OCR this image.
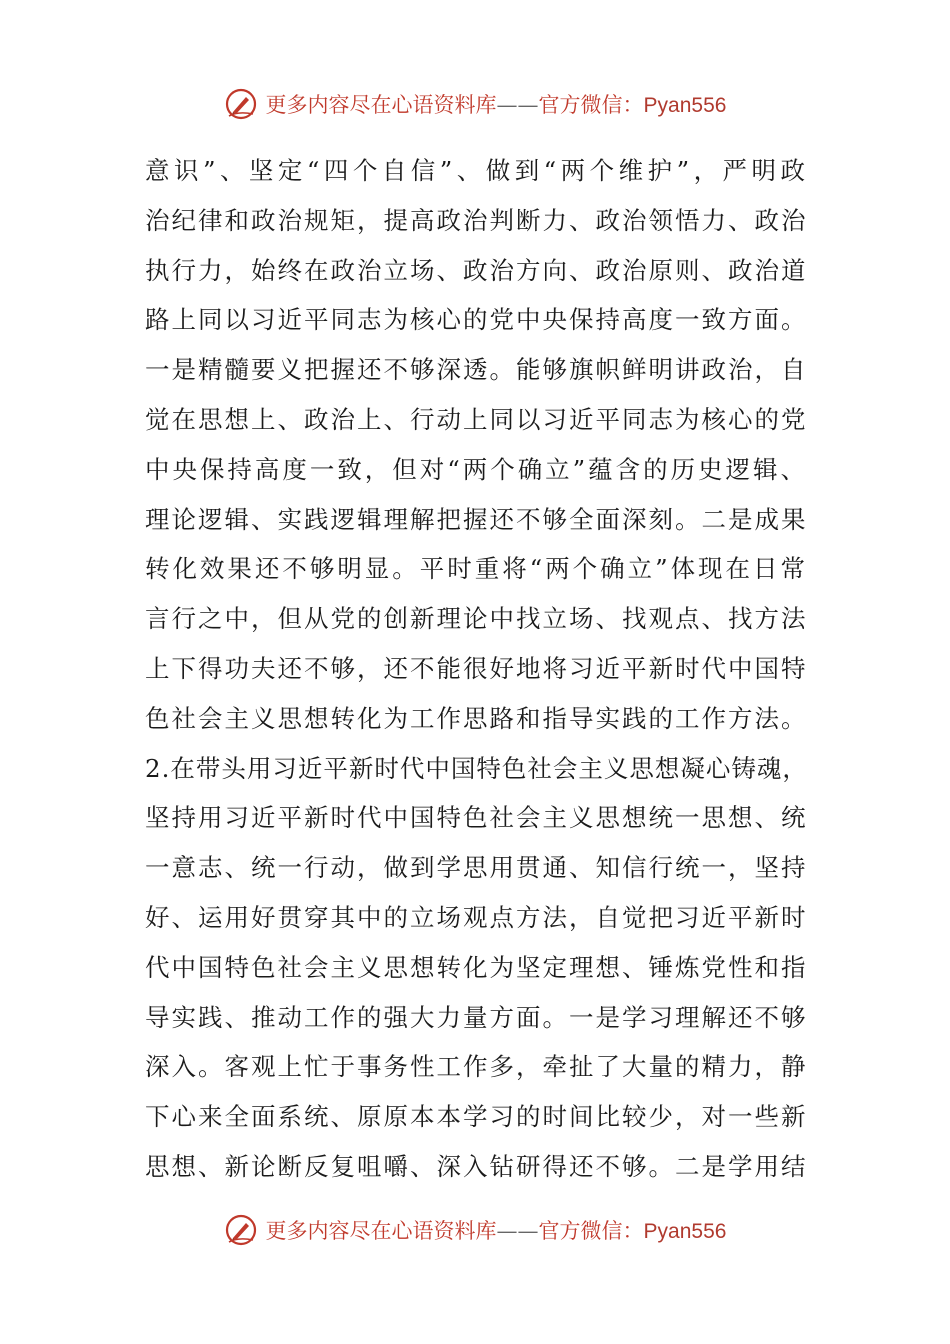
更多内容尽在心语资料库——官方微信：Pyan556
意识”、坚定“四个自信”、做到“两个维护”，严明政
治纪律和政治规矩，提高政治判断力、政治领悟力、政治
执行力，始终在政治立场、政治方向、政治原则、政治道
路上同以习近平同志为核心的党中央保持高度一致方面。
一是精髓要义把握还不够深透。能够旗帜鲜明讲政治，自
觉在思想上、政治上、行动上同以习近平同志为核心的党
中央保持高度一致，但对“两个确立”蕴含的历史逻辑、
理论逻辑、实践逻辑理解把握还不够全面深刻。二是成果
转化效果还不够明显。平时重将“两个确立”体现在日常
言行之中，但从党的创新理论中找立场、找观点、找方法
上下得功夫还不够，还不能很好地将习近平新时代中国特
色社会主义思想转化为工作思路和指导实践的工作方法。
2.在带头用习近平新时代中国特色社会主义思想凝心铸魂，
坚持用习近平新时代中国特色社会主义思想统一思想、统
一意志、统一行动，做到学思用贯通、知信行统一，坚持
好、运用好贯穿其中的立场观点方法，自觉把习近平新时
代中国特色社会主义思想转化为坚定理想、锤炼党性和指
导实践、推动工作的强大力量方面。一是学习理解还不够
深入。客观上忙于事务性工作多，牵扯了大量的精力，静
下心来全面系统、原原本本学习的时间比较少，对一些新
思想、新论断反复咀嚼、深入钻研得还不够。二是学用结
更多内容尽在心语资料库——官方微信：Pyan556
